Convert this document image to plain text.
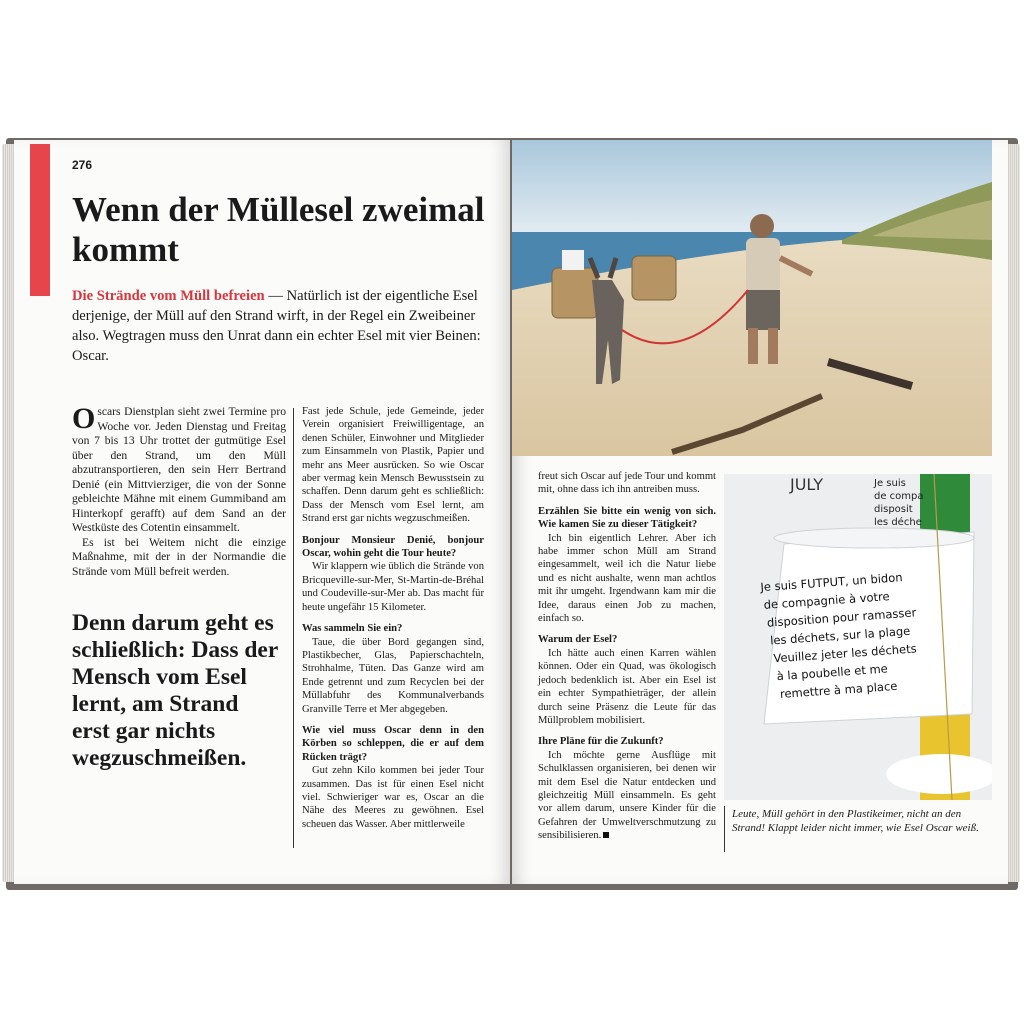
276
Wenn der Müllesel zweimal kommt

Die Strände vom Müll befreien — Natürlich ist der eigentliche Esel derjenige, der Müll auf den Strand wirft, in der Regel ein Zweibeiner also. Wegtragen muss den Unrat dann ein echter Esel mit vier Beinen: Oscar.

Oscars Dienstplan sieht zwei Termine pro Woche vor. Jeden Dienstag und Freitag von 7 bis 13 Uhr trottet der gutmütige Esel über den Strand, um den Müll abzutransportieren, den sein Herr Bertrand Denié (ein Mittvierziger, die von der Sonne gebleichte Mähne mit einem Gummiband am Hinterkopf gerafft) auf dem Sand an der Westküste des Cotentin einsammelt.

Es ist bei Weitem nicht die einzige Maßnahme, mit der in der Normandie die Strände vom Müll befreit werden.

Denn darum geht es schließlich: Dass der Mensch vom Esel lernt, am Strand erst gar nichts wegzuschmeißen.

Fast jede Schule, jede Gemeinde, jeder Verein organisiert Freiwilligentage, an denen Schüler, Einwohner und Mitglieder zum Einsammeln von Plastik, Papier und mehr ans Meer ausrücken. So wie Oscar aber vermag kein Mensch Bewusstsein zu schaffen. Denn darum geht es schließlich: Dass der Mensch vom Esel lernt, am Strand erst gar nichts wegzuschmeißen.

Bonjour Monsieur Denié, bonjour Oscar, wohin geht die Tour heute?

Wir klappern wie üblich die Strände von Bricqueville-sur-Mer, St-Martin-de-Bréhal und Coudeville-sur-Mer ab. Das macht für heute ungefähr 15 Kilometer.

Was sammeln Sie ein?

Taue, die über Bord gegangen sind, Plastikbecher, Glas, Papierschachteln, Strohhalme, Tüten. Das Ganze wird am Ende getrennt und zum Recyclen bei der Müllabfuhr des Kommunalverbands Granville Terre et Mer abgegeben.

Wie viel muss Oscar denn in den Körben so schleppen, die er auf dem Rücken trägt?

Gut zehn Kilo kommen bei jeder Tour zusammen. Das ist für einen Esel nicht viel. Schwieriger war es, Oscar an die Nähe des Meeres zu gewöhnen. Esel scheuen das Wasser. Aber mittlerweile

freut sich Oscar auf jede Tour und kommt mit, ohne dass ich ihn antreiben muss.

Erzählen Sie bitte ein wenig von sich. Wie kamen Sie zu dieser Tätigkeit?

Ich bin eigentlich Lehrer. Aber ich habe immer schon Müll am Strand eingesammelt, weil ich die Natur liebe und es nicht aushalte, wenn man achtlos mit ihr umgeht. Irgendwann kam mir die Idee, daraus einen Job zu machen, einfach so.

Warum der Esel?

Ich hätte auch einen Karren wählen können. Oder ein Quad, was ökologisch jedoch bedenklich ist. Aber ein Esel ist ein echter Sympathieträger, der allein durch seine Präsenz die Leute für das Müllproblem mobilisiert.

Ihre Pläne für die Zukunft?

Ich möchte gerne Ausflüge mit Schulklassen organisieren, bei denen wir mit dem Esel die Natur entdecken und gleichzeitig Müll einsammeln. Es geht vor allem darum, unsere Kinder für die Gefahren der Umweltverschmutzung zu sensibilisieren.

JULY	Je suis
de compa
disposit
les déche
Je suis FUTPUT, un bidon
de compagnie à votre
disposition pour ramasser
les déchets, sur la plage
Veuillez jeter les déchets
à la poubelle et me
remettre à ma place

Leute, Müll gehört in den Plastikeimer, nicht an den Strand! Klappt leider nicht immer, wie Esel Oscar weiß.
